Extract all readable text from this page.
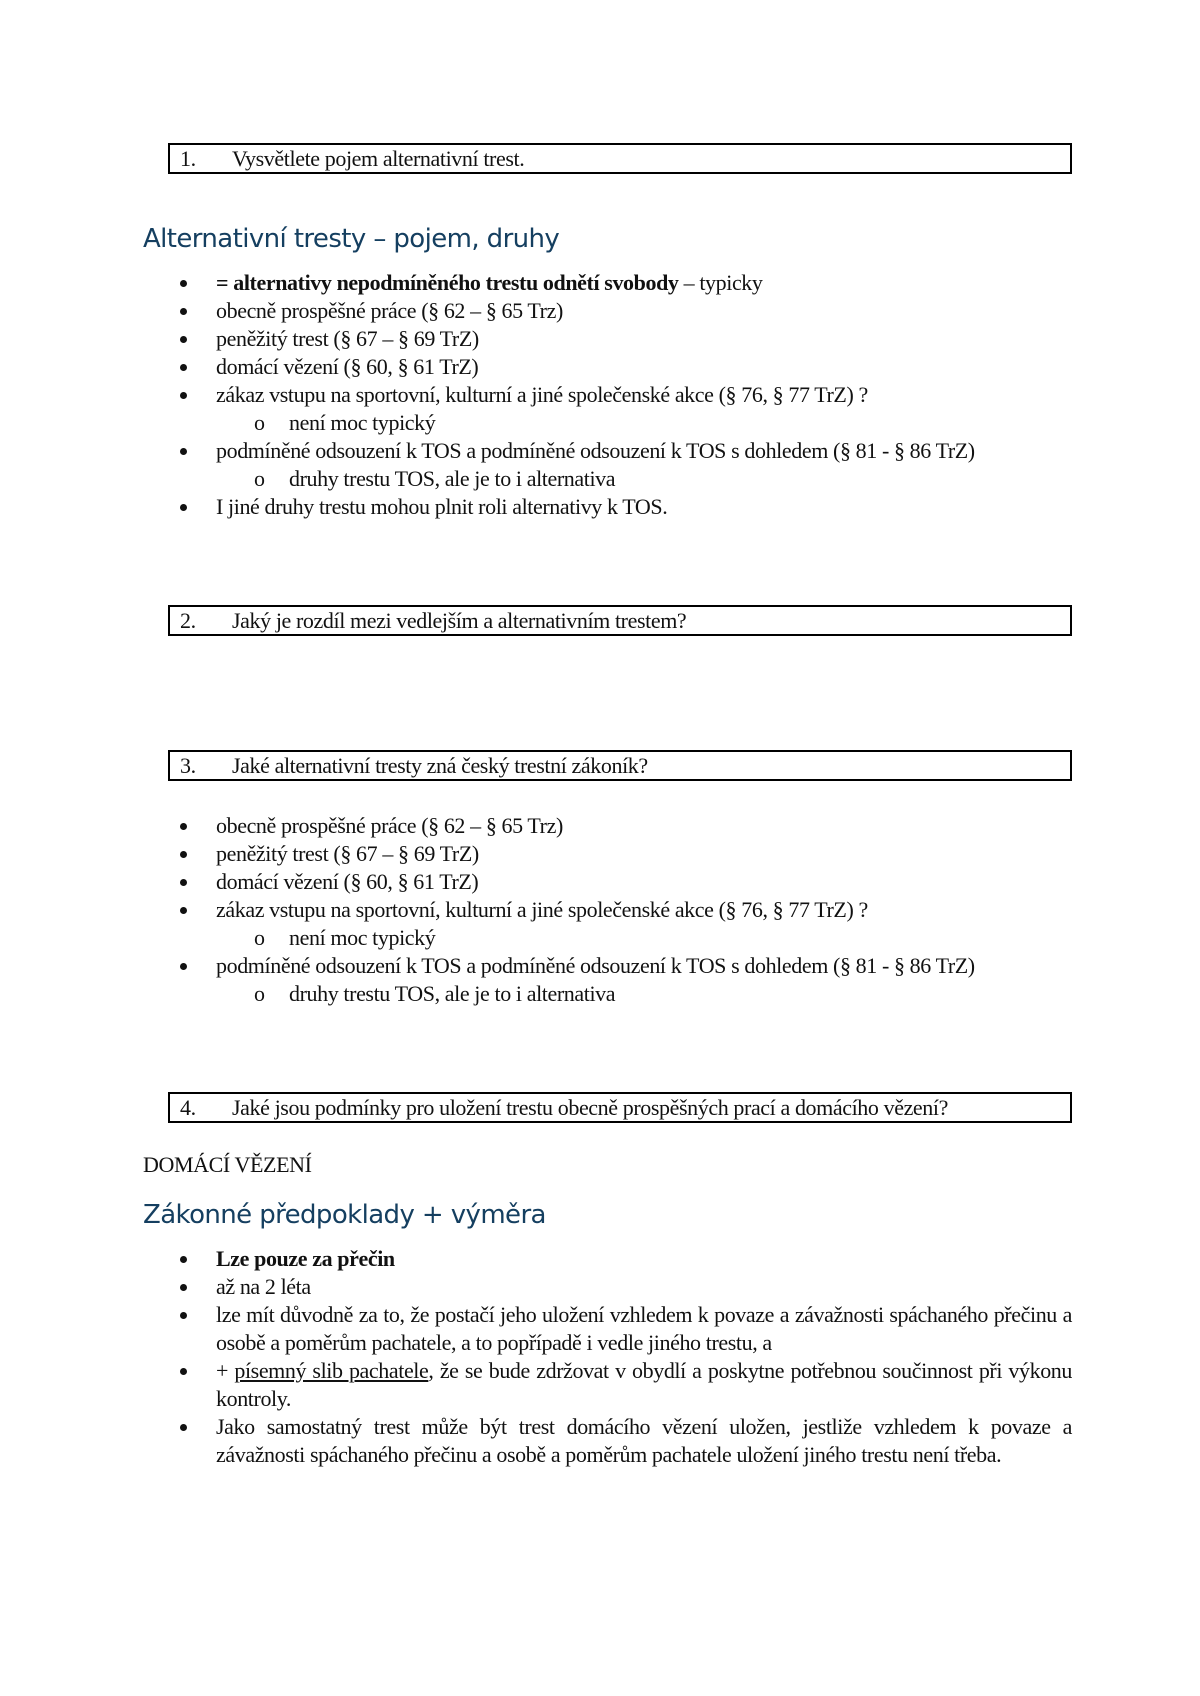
1. Vysvětlete pojem alternativní trest.
Alternativní tresty – pojem, druhy
= alternativy nepodmíněného trestu odnětí svobody – typicky
obecně prospěšné práce (§ 62 – § 65 Trz)
peněžitý trest (§ 67 – § 69 TrZ)
domácí vězení (§ 60, § 61 TrZ)
zákaz vstupu na sportovní, kulturní a jiné společenské akce (§ 76, § 77 TrZ) ?
o není moc typický
podmíněné odsouzení k TOS a podmíněné odsouzení k TOS s dohledem (§ 81 - § 86 TrZ)
o druhy trestu TOS, ale je to i alternativa
I jiné druhy trestu mohou plnit roli alternativy k TOS.
2. Jaký je rozdíl mezi vedlejším a alternativním trestem?
3. Jaké alternativní tresty zná český trestní zákoník?
obecně prospěšné práce (§ 62 – § 65 Trz)
peněžitý trest (§ 67 – § 69 TrZ)
domácí vězení (§ 60, § 61 TrZ)
zákaz vstupu na sportovní, kulturní a jiné společenské akce (§ 76, § 77 TrZ) ?
o není moc typický
podmíněné odsouzení k TOS a podmíněné odsouzení k TOS s dohledem (§ 81 - § 86 TrZ)
o druhy trestu TOS, ale je to i alternativa
4. Jaké jsou podmínky pro uložení trestu obecně prospěšných prací a domácího vězení?
DOMÁCÍ VĚZENÍ
Zákonné předpoklady + výměra
Lze pouze za přečin
až na 2 léta
lze mít důvodně za to, že postačí jeho uložení vzhledem k povaze a závažnosti spáchaného přečinu a osobě a poměrům pachatele, a to popřípadě i vedle jiného trestu, a
+ písemný slib pachatele, že se bude zdržovat v obydlí a poskytne potřebnou součinnost při výkonu kontroly.
Jako samostatný trest může být trest domácího vězení uložen, jestliže vzhledem k povaze a závažnosti spáchaného přečinu a osobě a poměrům pachatele uložení jiného trestu není třeba.
